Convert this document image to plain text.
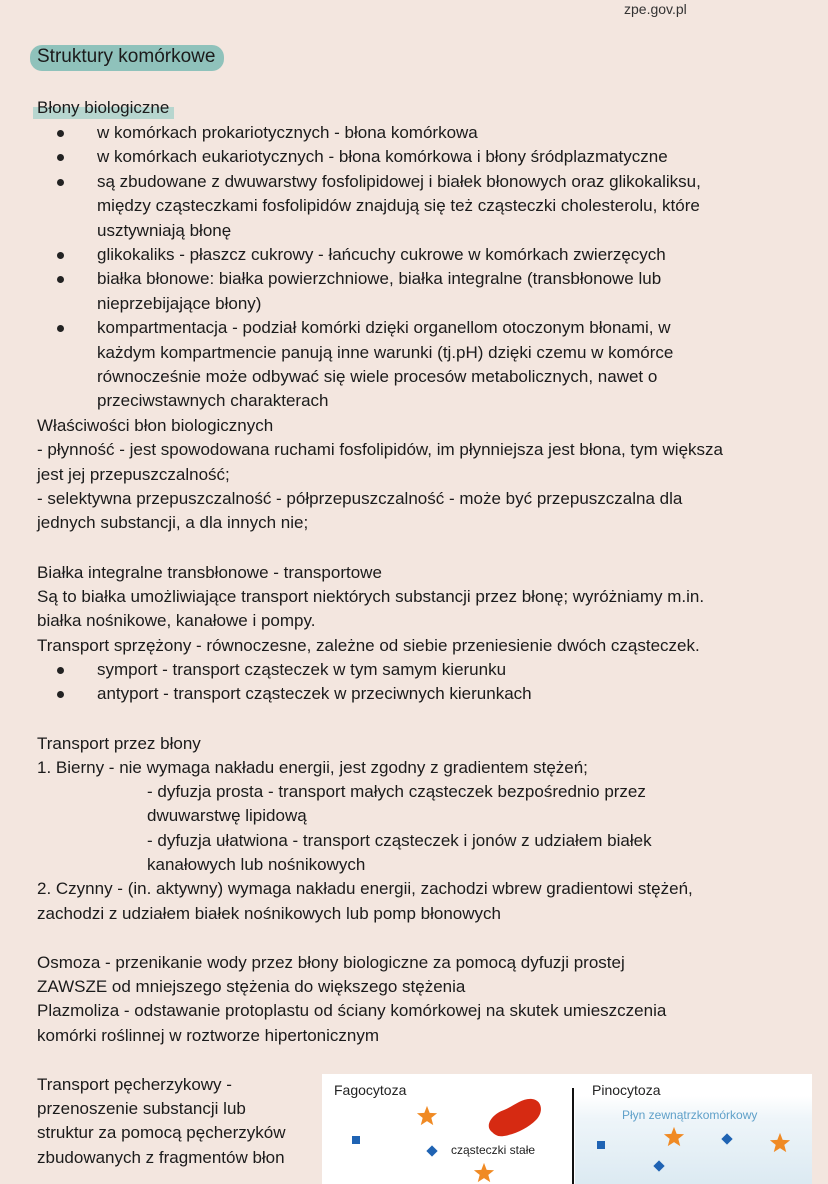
zpe.gov.pl
Struktury komórkowe
Błony biologiczne
w komórkach prokariotycznych - błona komórkowa
w komórkach eukariotycznych - błona komórkowa i błony śródplazmatyczne
są zbudowane z dwuwarstwy fosfolipidowej i białek błonowych oraz glikokaliksu,
między cząsteczkami fosfolipidów znajdują się też cząsteczki cholesterolu, które
usztywniają błonę
glikokaliks - płaszcz cukrowy - łańcuchy cukrowe w komórkach zwierzęcych
białka błonowe: białka powierzchniowe, białka integralne (transbłonowe lub
nieprzebijające błony)
kompartmentacja - podział komórki dzięki organellom otoczonym błonami, w
każdym kompartmencie panują inne warunki (tj.pH) dzięki czemu w komórce
równocześnie może odbywać się wiele procesów metabolicznych, nawet o
przeciwstawnych charakterach
Właściwości błon biologicznych
- płynność - jest spowodowana ruchami fosfolipidów, im płynniejsza jest błona, tym większa
jest jej przepuszczalność;
- selektywna przepuszczalność - półprzepuszczalność - może być przepuszczalna dla
jednych substancji, a dla innych nie;
Białka integralne transbłonowe - transportowe
Są to białka umożliwiające transport niektórych substancji przez błonę; wyróżniamy m.in.
białka nośnikowe, kanałowe i pompy.
Transport sprzężony - równoczesne, zależne od siebie przeniesienie dwóch cząsteczek.
symport - transport cząsteczek w tym samym kierunku
antyport - transport cząsteczek w przeciwnych kierunkach
Transport przez błony
1. Bierny - nie wymaga nakładu energii, jest zgodny z gradientem stężeń;
- dyfuzja prosta - transport małych cząsteczek bezpośrednio przez
dwuwarstwę lipidową
- dyfuzja ułatwiona - transport cząsteczek i jonów z udziałem białek
kanałowych lub nośnikowych
2. Czynny - (in. aktywny) wymaga nakładu energii, zachodzi wbrew gradientowi stężeń,
zachodzi z udziałem białek nośnikowych lub pomp błonowych
Osmoza - przenikanie wody przez błony biologiczne za pomocą dyfuzji prostej
ZAWSZE od mniejszego stężenia do większego stężenia
Plazmoliza - odstawanie protoplastu od ściany komórkowej na skutek umieszczenia
komórki roślinnej w roztworze hipertonicznym
Transport pęcherzykowy -
przenoszenie substancji lub
struktur za pomocą pęcherzyków
zbudowanych z fragmentów błon
Fagocytoza	Pinocytoza
Płyn zewnątrzkomórkowy
cząsteczki stałe
